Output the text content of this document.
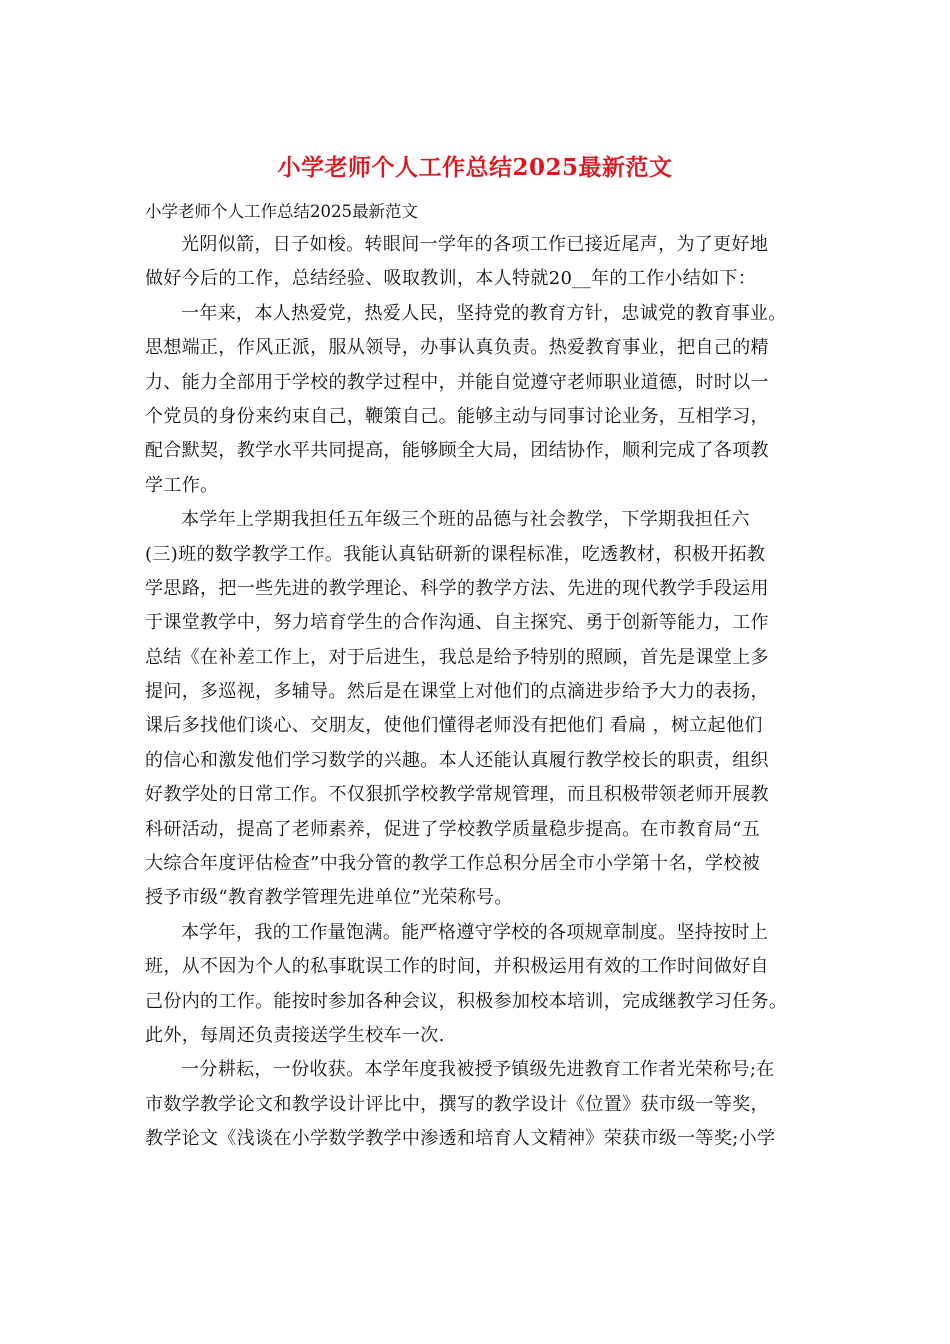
小学老师个人工作总结2025最新范文
小学老师个人工作总结2025最新范文
光阴似箭，日子如梭。转眼间一学年的各项工作已接近尾声，为了更好地
做好今后的工作，总结经验、吸取教训，本人特就20__年的工作小结如下：
一年来，本人热爱党，热爱人民，坚持党的教育方针，忠诚党的教育事业。
思想端正，作风正派，服从领导，办事认真负责。热爱教育事业，把自己的精
力、能力全部用于学校的教学过程中，并能自觉遵守老师职业道德，时时以一
个党员的身份来约束自己，鞭策自己。能够主动与同事讨论业务，互相学习，
配合默契，教学水平共同提高，能够顾全大局，团结协作，顺利完成了各项教
学工作。
本学年上学期我担任五年级三个班的品德与社会教学，下学期我担任六
(三)班的数学教学工作。我能认真钻研新的课程标准，吃透教材，积极开拓教
学思路，把一些先进的教学理论、科学的教学方法、先进的现代教学手段运用
于课堂教学中，努力培育学生的合作沟通、自主探究、勇于创新等能力，工作
总结《在补差工作上，对于后进生，我总是给予特别的照顾，首先是课堂上多
提问，多巡视，多辅导。然后是在课堂上对他们的点滴进步给予大力的表扬，
课后多找他们谈心、交朋友，使他们懂得老师没有把他们 看扁 ，树立起他们
的信心和激发他们学习数学的兴趣。本人还能认真履行教学校长的职责，组织
好教学处的日常工作。不仅狠抓学校教学常规管理，而且积极带领老师开展教
科研活动，提高了老师素养，促进了学校教学质量稳步提高。在市教育局“五
大综合年度评估检查”中我分管的教学工作总积分居全市小学第十名，学校被
授予市级“教育教学管理先进单位”光荣称号。
本学年，我的工作量饱满。能严格遵守学校的各项规章制度。坚持按时上
班，从不因为个人的私事耽误工作的时间，并积极运用有效的工作时间做好自
己份内的工作。能按时参加各种会议，积极参加校本培训，完成继教学习任务。
此外，每周还负责接送学生校车一次.
一分耕耘，一份收获。本学年度我被授予镇级先进教育工作者光荣称号;在
市数学教学论文和教学设计评比中，撰写的教学设计《位置》获市级一等奖，
教学论文《浅谈在小学数学教学中渗透和培育人文精神》荣获市级一等奖;小学
